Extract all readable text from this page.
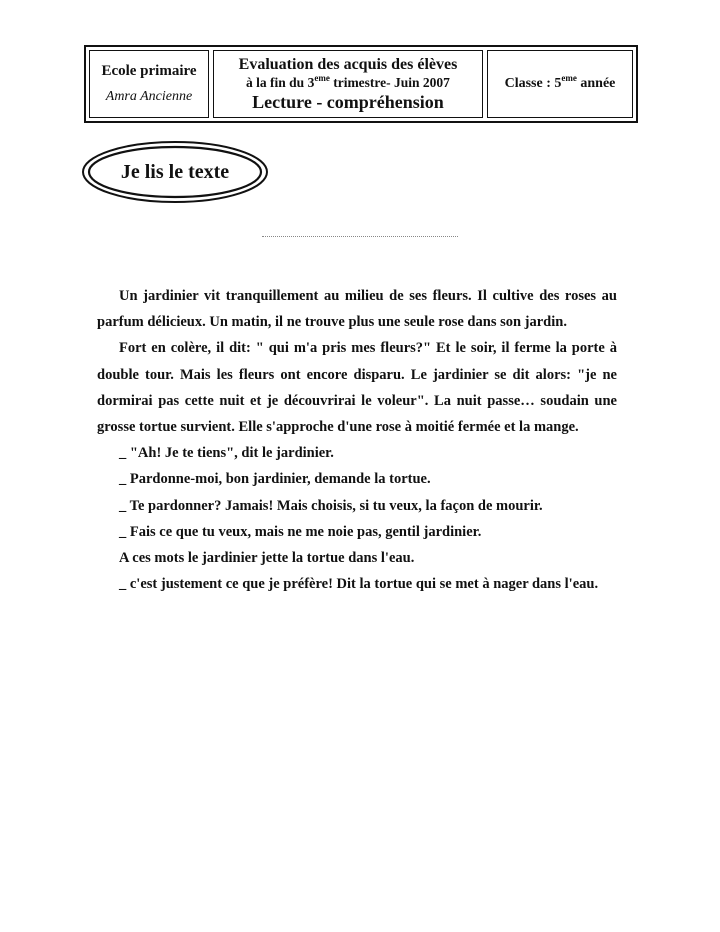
Ecole primaire
Amra Ancienne
Evaluation des acquis des élèves
à la fin du 3eme trimestre- Juin 2007
Lecture - compréhension
Classe : 5eme année
Je lis le texte

Un jardinier vit tranquillement au milieu de ses fleurs. Il cultive des roses au parfum délicieux. Un matin, il ne trouve plus une seule rose dans son jardin.

Fort en colère, il dit: " qui m'a pris mes fleurs?" Et le soir, il ferme la porte à double tour. Mais les fleurs ont encore disparu. Le jardinier se dit alors: "je ne dormirai pas cette nuit et je découvrirai le voleur". La nuit passe… soudain une grosse tortue survient. Elle s'approche d'une rose à moitié fermée et la mange.

_ "Ah! Je te tiens", dit le jardinier.

_ Pardonne-moi, bon jardinier, demande la tortue.

_ Te pardonner? Jamais! Mais choisis, si tu veux, la façon de mourir.

_ Fais ce que tu veux, mais ne me noie pas, gentil jardinier.

A ces mots le jardinier jette la tortue dans l'eau.

_ c'est justement ce que je préfère! Dit la tortue qui se met à nager dans l'eau.
